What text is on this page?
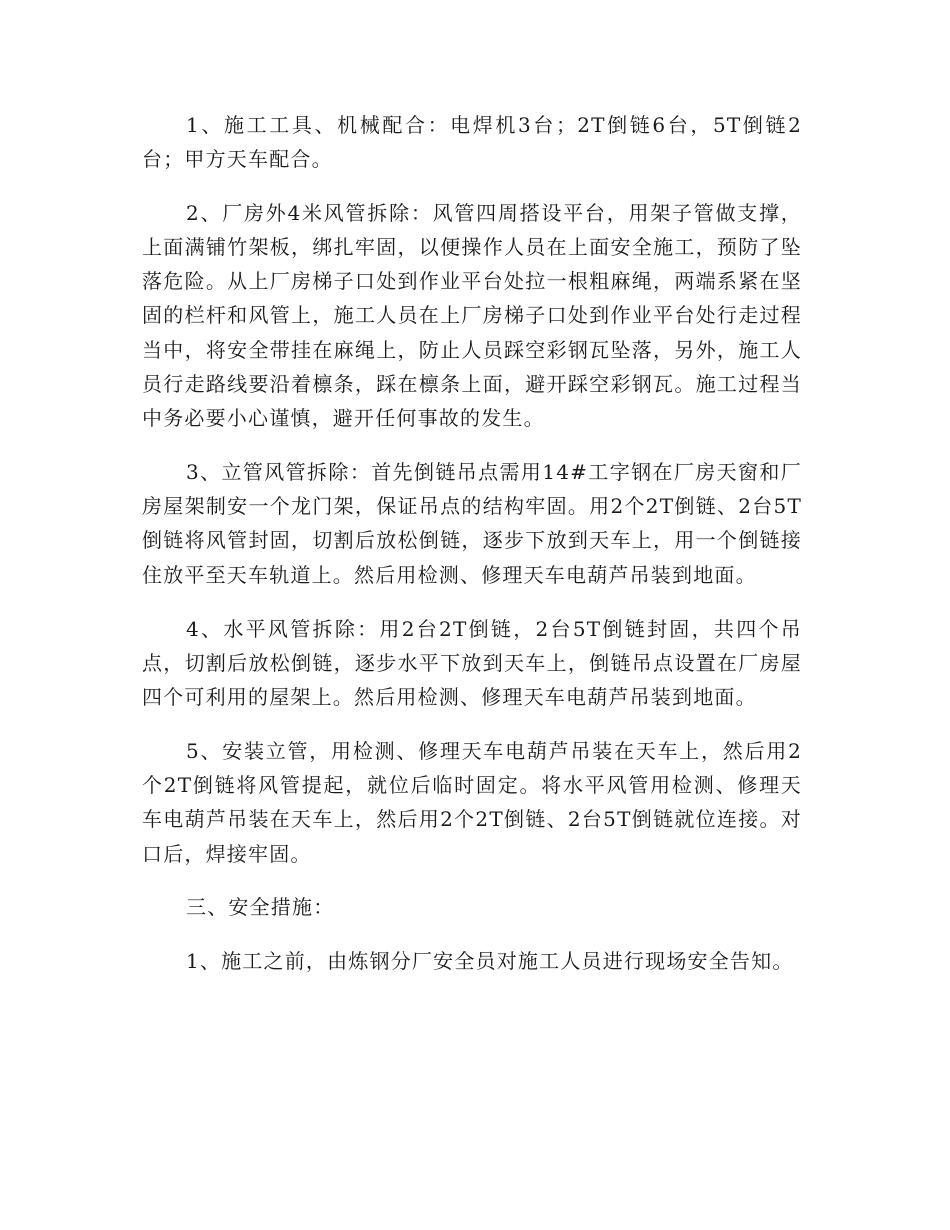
1、施工工具、机械配合：电焊机3台；2T倒链6台，5T倒链2台；甲方天车配合。

2、厂房外4米风管拆除：风管四周搭设平台，用架子管做支撑，上面满铺竹架板，绑扎牢固，以便操作人员在上面安全施工，预防了坠落危险。从上厂房梯子口处到作业平台处拉一根粗麻绳，两端系紧在坚固的栏杆和风管上，施工人员在上厂房梯子口处到作业平台处行走过程当中，将安全带挂在麻绳上，防止人员踩空彩钢瓦坠落，另外，施工人员行走路线要沿着檩条，踩在檩条上面，避开踩空彩钢瓦。施工过程当中务必要小心谨慎，避开任何事故的发生。

3、立管风管拆除：首先倒链吊点需用14#工字钢在厂房天窗和厂房屋架制安一个龙门架，保证吊点的结构牢固。用2个2T倒链、2台5T倒链将风管封固，切割后放松倒链，逐步下放到天车上，用一个倒链接住放平至天车轨道上。然后用检测、修理天车电葫芦吊装到地面。

4、水平风管拆除：用2台2T倒链，2台5T倒链封固，共四个吊点，切割后放松倒链，逐步水平下放到天车上，倒链吊点设置在厂房屋四个可利用的屋架上。然后用检测、修理天车电葫芦吊装到地面。

5、安装立管，用检测、修理天车电葫芦吊装在天车上，然后用2个2T倒链将风管提起，就位后临时固定。将水平风管用检测、修理天车电葫芦吊装在天车上，然后用2个2T倒链、2台5T倒链就位连接。对口后，焊接牢固。

三、安全措施：

1、施工之前，由炼钢分厂安全员对施工人员进行现场安全告知。
